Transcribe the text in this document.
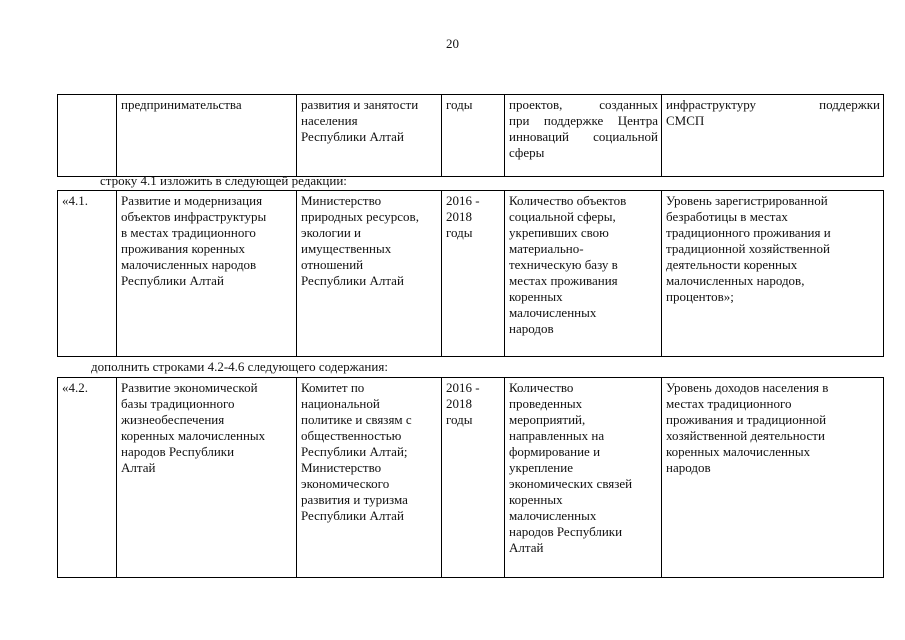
20
	предпринимательства	развития и занятости
населения
Республики Алтай	годы	проектов, созданных
при поддержке Центра
инноваций социальной
сферы	инфраструктуру поддержки
СМСП
строку 4.1 изложить в следующей редакции:
«4.1.	Развитие и модернизация
объектов инфраструктуры
в местах традиционного
проживания коренных
малочисленных народов
Республики Алтай	Министерство
природных ресурсов,
экологии и
имущественных
отношений
Республики Алтай	2016 -
2018
годы	Количество объектов
социальной сферы,
укрепивших свою
материально-
техническую базу в
местах проживания
коренных
малочисленных
народов	Уровень зарегистрированной
безработицы в местах
традиционного проживания и
традиционной хозяйственной
деятельности коренных
малочисленных народов,
процентов»;
дополнить строками 4.2-4.6 следующего содержания:
«4.2.	Развитие экономической
базы традиционного
жизнеобеспечения
коренных малочисленных
народов Республики
Алтай	Комитет по
национальной
политике и связям с
общественностью
Республики Алтай;
Министерство
экономического
развития и туризма
Республики Алтай	2016 -
2018
годы	Количество
проведенных
мероприятий,
направленных на
формирование и
укрепление
экономических связей
коренных
малочисленных
народов Республики
Алтай	Уровень доходов населения в
местах традиционного
проживания и традиционной
хозяйственной деятельности
коренных малочисленных
народов
